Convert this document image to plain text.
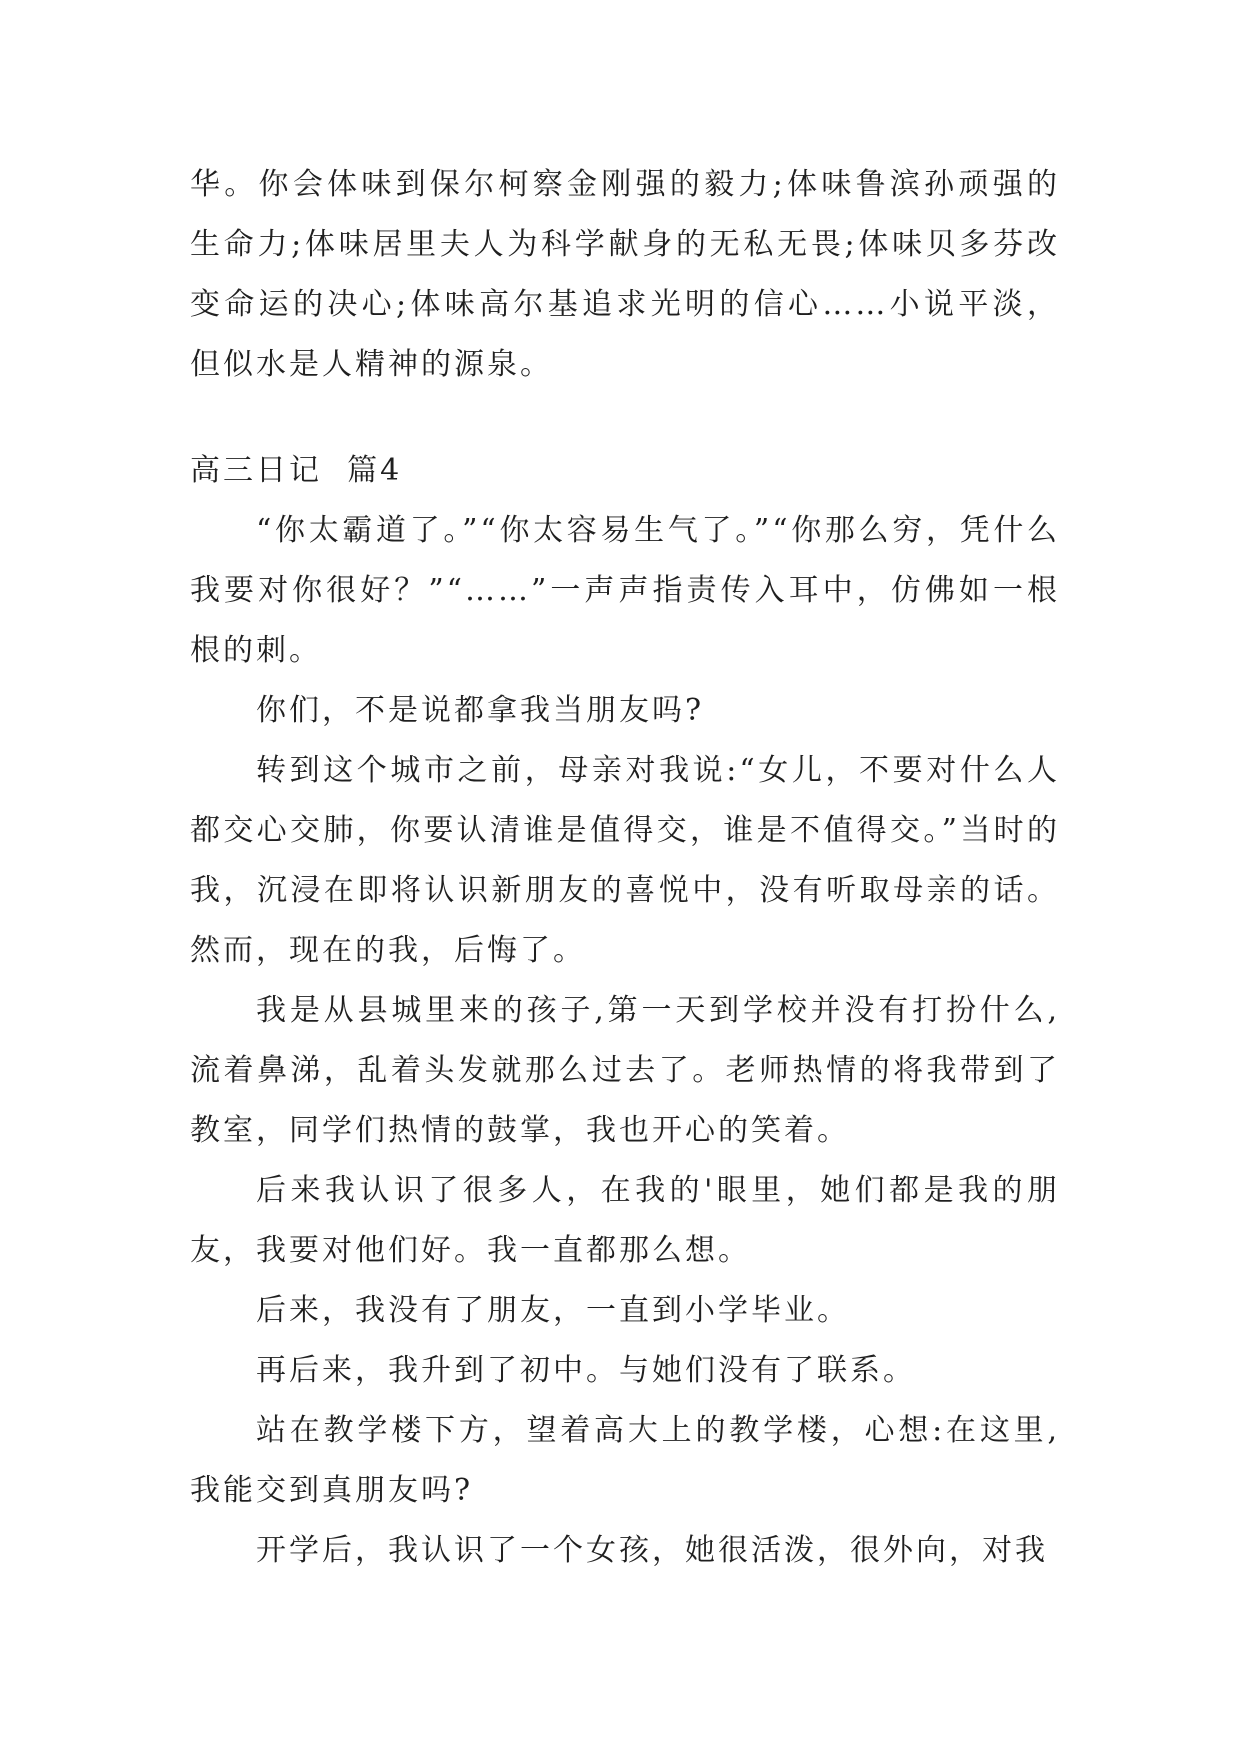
华。你会体味到保尔柯察金刚强的毅力;体味鲁滨孙顽强的生命力;体味居里夫人为科学献身的无私无畏;体味贝多芬改变命运的决心;体味高尔基追求光明的信心……小说平淡，但似水是人精神的源泉。

高三日记  篇4

“你太霸道了。”“你太容易生气了。”“你那么穷，凭什么我要对你很好？”“……”一声声指责传入耳中，仿佛如一根根的刺。

你们，不是说都拿我当朋友吗?

转到这个城市之前，母亲对我说:“女儿，不要对什么人都交心交肺，你要认清谁是值得交，谁是不值得交。”当时的我，沉浸在即将认识新朋友的喜悦中，没有听取母亲的话。然而，现在的我，后悔了。

我是从县城里来的孩子,第一天到学校并没有打扮什么,流着鼻涕，乱着头发就那么过去了。老师热情的将我带到了教室，同学们热情的鼓掌，我也开心的笑着。

后来我认识了很多人，在我的'眼里，她们都是我的朋友，我要对他们好。我一直都那么想。

后来，我没有了朋友，一直到小学毕业。

再后来，我升到了初中。与她们没有了联系。

站在教学楼下方，望着高大上的教学楼，心想:在这里,我能交到真朋友吗?

开学后，我认识了一个女孩，她很活泼，很外向，对我
